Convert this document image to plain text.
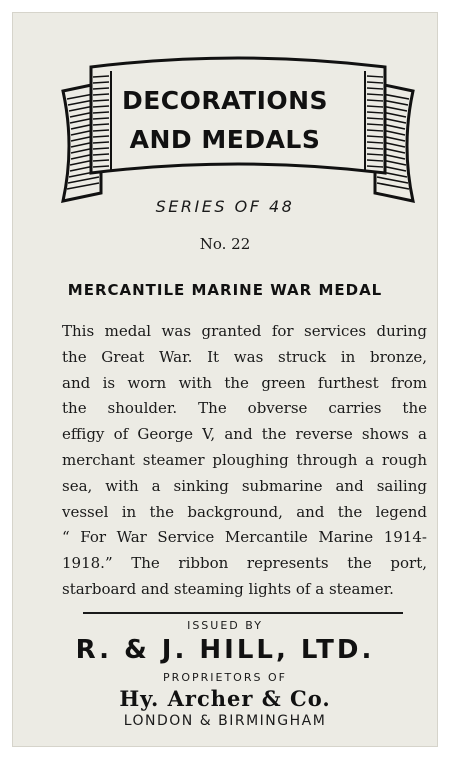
DECORATIONS
AND MEDALS
SERIES OF 48
No. 22
MERCANTILE MARINE WAR MEDAL
This medal was granted for services during
the Great War. It was struck in bronze,
and is worn with the green furthest from
the shoulder. The obverse carries the
effigy of George V, and the reverse shows a
merchant steamer ploughing through a rough
sea, with a sinking submarine and sailing
vessel in the background, and the legend
“ For War Service Mercantile Marine 1914-
1918.” The ribbon represents the port,
starboard and steaming lights of a steamer.
ISSUED BY
R. & J. HILL, LTD.
PROPRIETORS OF
Hy. Archer & Co.
LONDON & BIRMINGHAM
